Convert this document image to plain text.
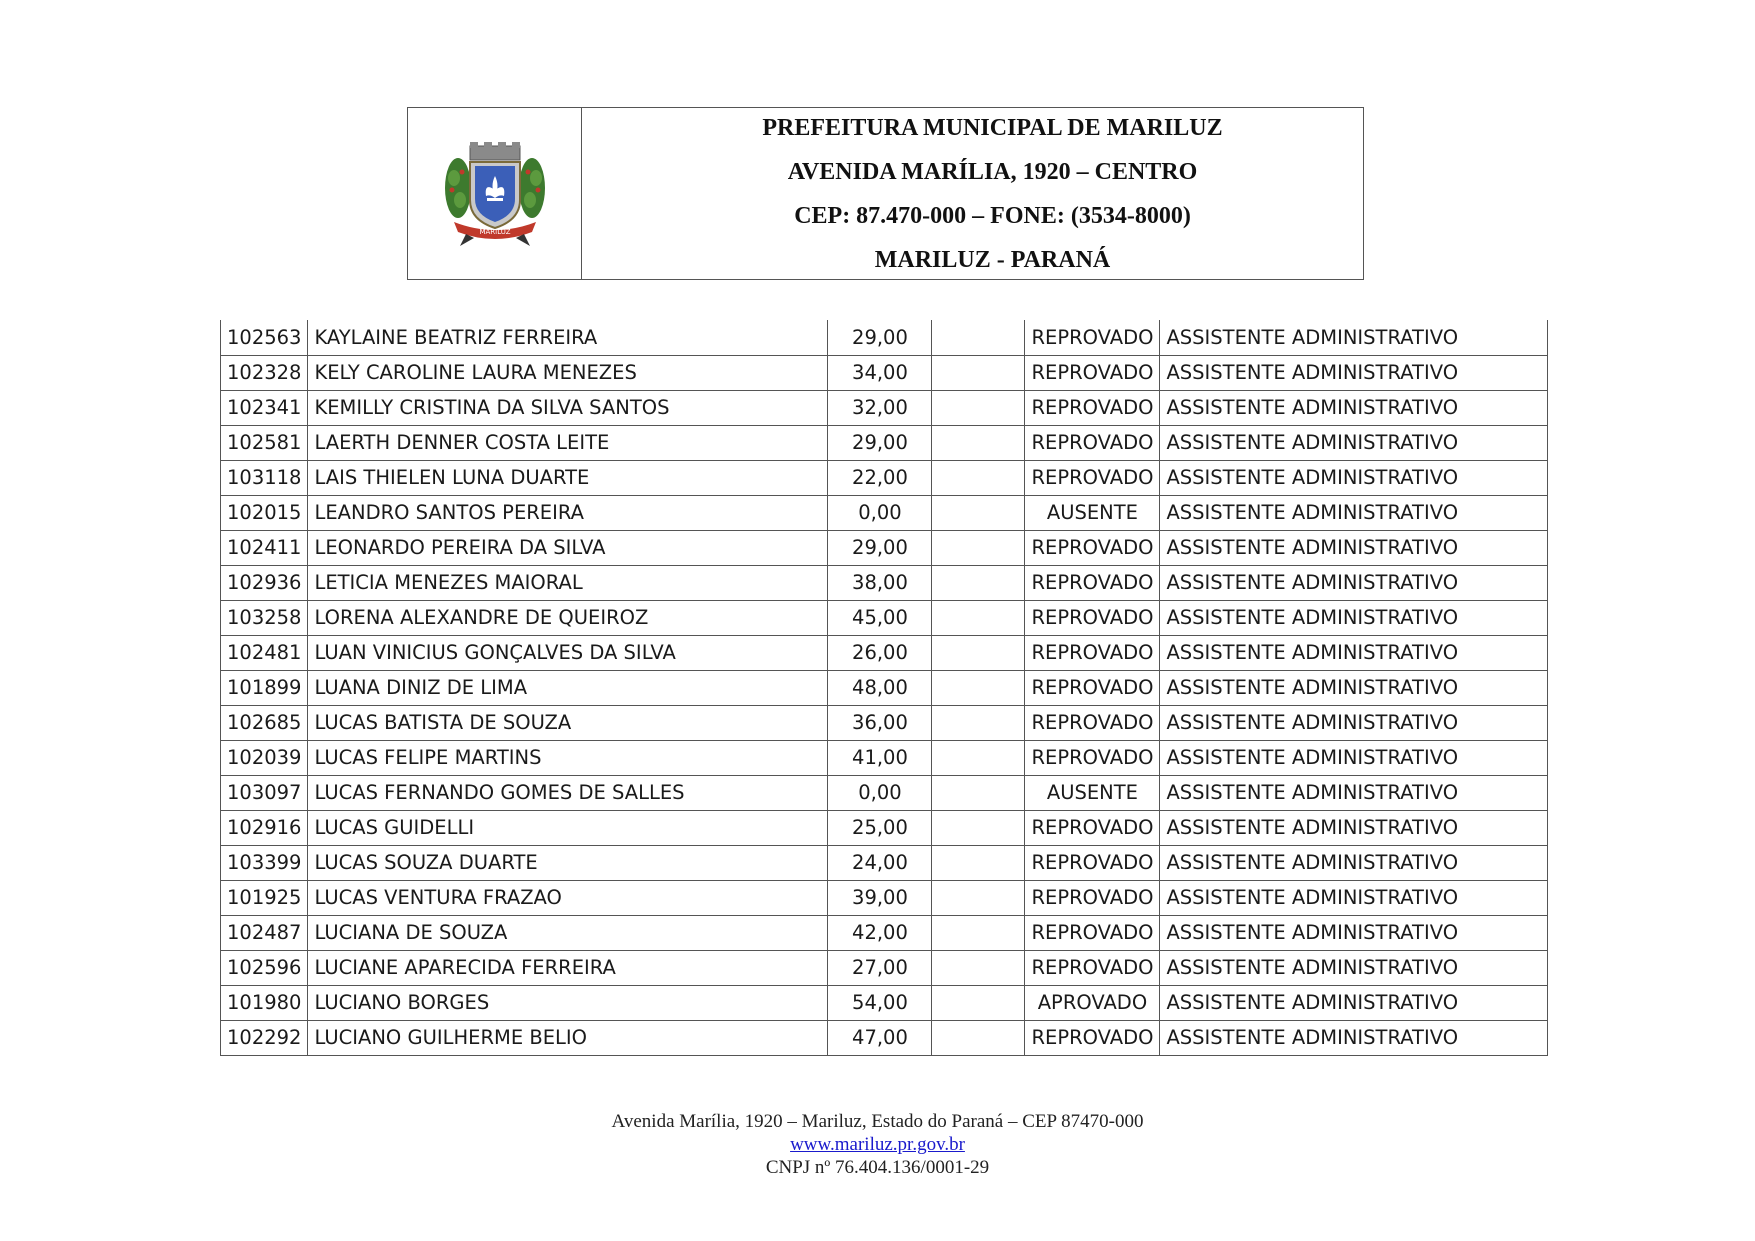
MARILUZ
PREFEITURA MUNICIPAL DE MARILUZ
AVENIDA MARÍLIA, 1920 – CENTRO
CEP: 87.470-000 – FONE: (3534-8000)
MARILUZ - PARANÁ
102563	KAYLAINE BEATRIZ FERREIRA	29,00		REPROVADO	ASSISTENTE ADMINISTRATIVO
102328	KELY CAROLINE LAURA MENEZES	34,00		REPROVADO	ASSISTENTE ADMINISTRATIVO
102341	KEMILLY CRISTINA DA SILVA SANTOS	32,00		REPROVADO	ASSISTENTE ADMINISTRATIVO
102581	LAERTH DENNER COSTA LEITE	29,00		REPROVADO	ASSISTENTE ADMINISTRATIVO
103118	LAIS THIELEN LUNA DUARTE	22,00		REPROVADO	ASSISTENTE ADMINISTRATIVO
102015	LEANDRO SANTOS PEREIRA	0,00		AUSENTE	ASSISTENTE ADMINISTRATIVO
102411	LEONARDO PEREIRA DA SILVA	29,00		REPROVADO	ASSISTENTE ADMINISTRATIVO
102936	LETICIA MENEZES MAIORAL	38,00		REPROVADO	ASSISTENTE ADMINISTRATIVO
103258	LORENA ALEXANDRE DE QUEIROZ	45,00		REPROVADO	ASSISTENTE ADMINISTRATIVO
102481	LUAN VINICIUS GONÇALVES DA SILVA	26,00		REPROVADO	ASSISTENTE ADMINISTRATIVO
101899	LUANA DINIZ DE LIMA	48,00		REPROVADO	ASSISTENTE ADMINISTRATIVO
102685	LUCAS BATISTA DE SOUZA	36,00		REPROVADO	ASSISTENTE ADMINISTRATIVO
102039	LUCAS FELIPE MARTINS	41,00		REPROVADO	ASSISTENTE ADMINISTRATIVO
103097	LUCAS FERNANDO GOMES DE SALLES	0,00		AUSENTE	ASSISTENTE ADMINISTRATIVO
102916	LUCAS GUIDELLI	25,00		REPROVADO	ASSISTENTE ADMINISTRATIVO
103399	LUCAS SOUZA DUARTE	24,00		REPROVADO	ASSISTENTE ADMINISTRATIVO
101925	LUCAS VENTURA FRAZAO	39,00		REPROVADO	ASSISTENTE ADMINISTRATIVO
102487	LUCIANA DE SOUZA	42,00		REPROVADO	ASSISTENTE ADMINISTRATIVO
102596	LUCIANE APARECIDA FERREIRA	27,00		REPROVADO	ASSISTENTE ADMINISTRATIVO
101980	LUCIANO BORGES	54,00		APROVADO	ASSISTENTE ADMINISTRATIVO
102292	LUCIANO GUILHERME BELIO	47,00		REPROVADO	ASSISTENTE ADMINISTRATIVO
Avenida Marília, 1920 – Mariluz, Estado do Paraná – CEP 87470-000
www.mariluz.pr.gov.br
CNPJ nº 76.404.136/0001-29
